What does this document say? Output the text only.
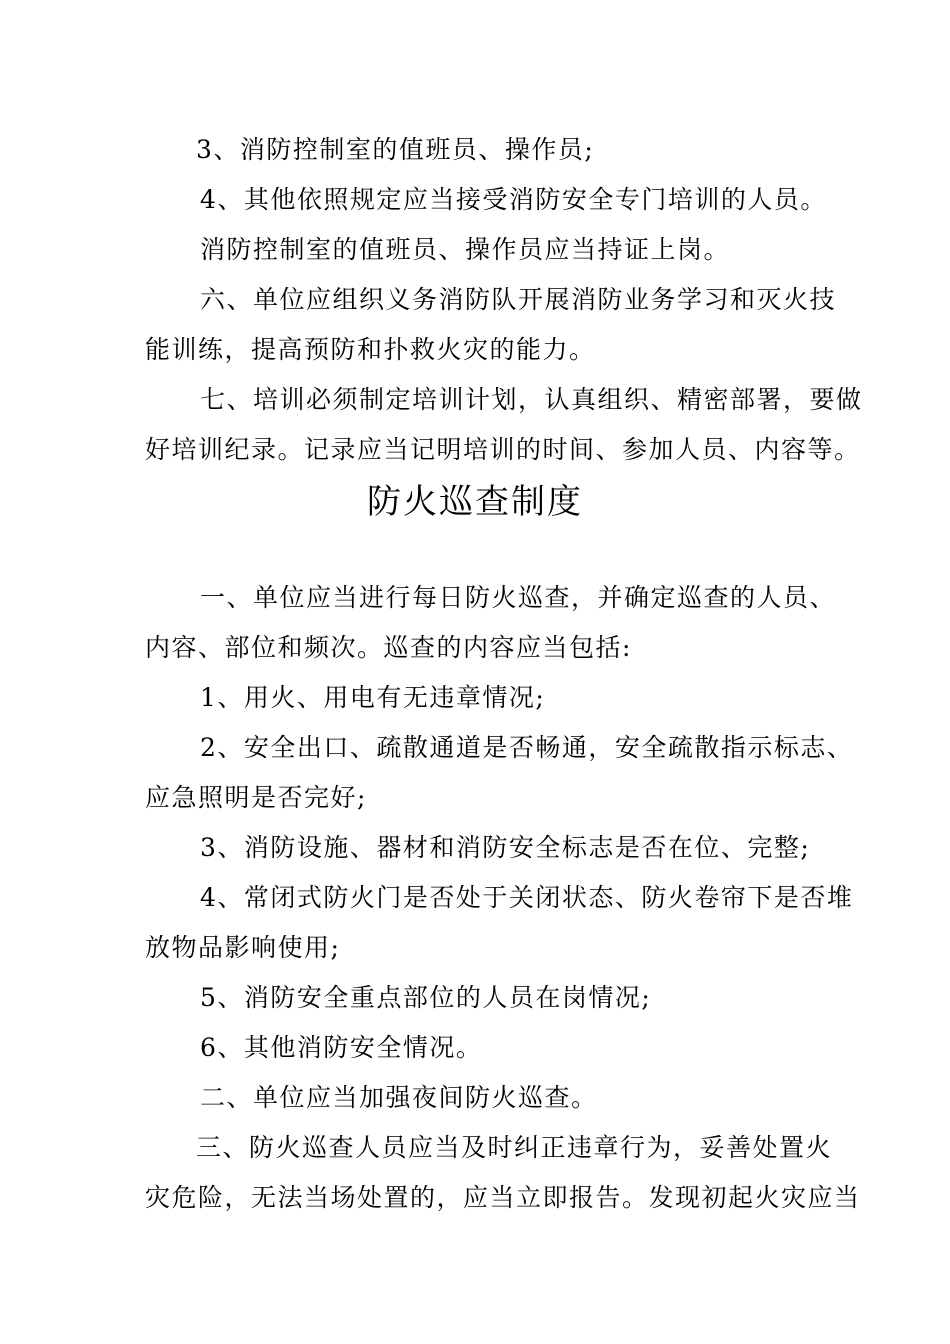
3、消防控制室的值班员、操作员;
4、其他依照规定应当接受消防安全专门培训的人员。
消防控制室的值班员、操作员应当持证上岗。
六、单位应组织义务消防队开展消防业务学习和灭火技
能训练，提高预防和扑救火灾的能力。
七、培训必须制定培训计划，认真组织、精密部署，要做
好培训纪录。记录应当记明培训的时间、参加人员、内容等。
防火巡查制度
一、单位应当进行每日防火巡查，并确定巡查的人员、
内容、部位和频次。巡查的内容应当包括:
1、用火、用电有无违章情况;
2、安全出口、疏散通道是否畅通，安全疏散指示标志、
应急照明是否完好;
3、消防设施、器材和消防安全标志是否在位、完整;
4、常闭式防火门是否处于关闭状态、防火卷帘下是否堆
放物品影响使用;
5、消防安全重点部位的人员在岗情况;
6、其他消防安全情况。
二、单位应当加强夜间防火巡查。
三、防火巡查人员应当及时纠正违章行为，妥善处置火
灾危险，无法当场处置的，应当立即报告。发现初起火灾应当
